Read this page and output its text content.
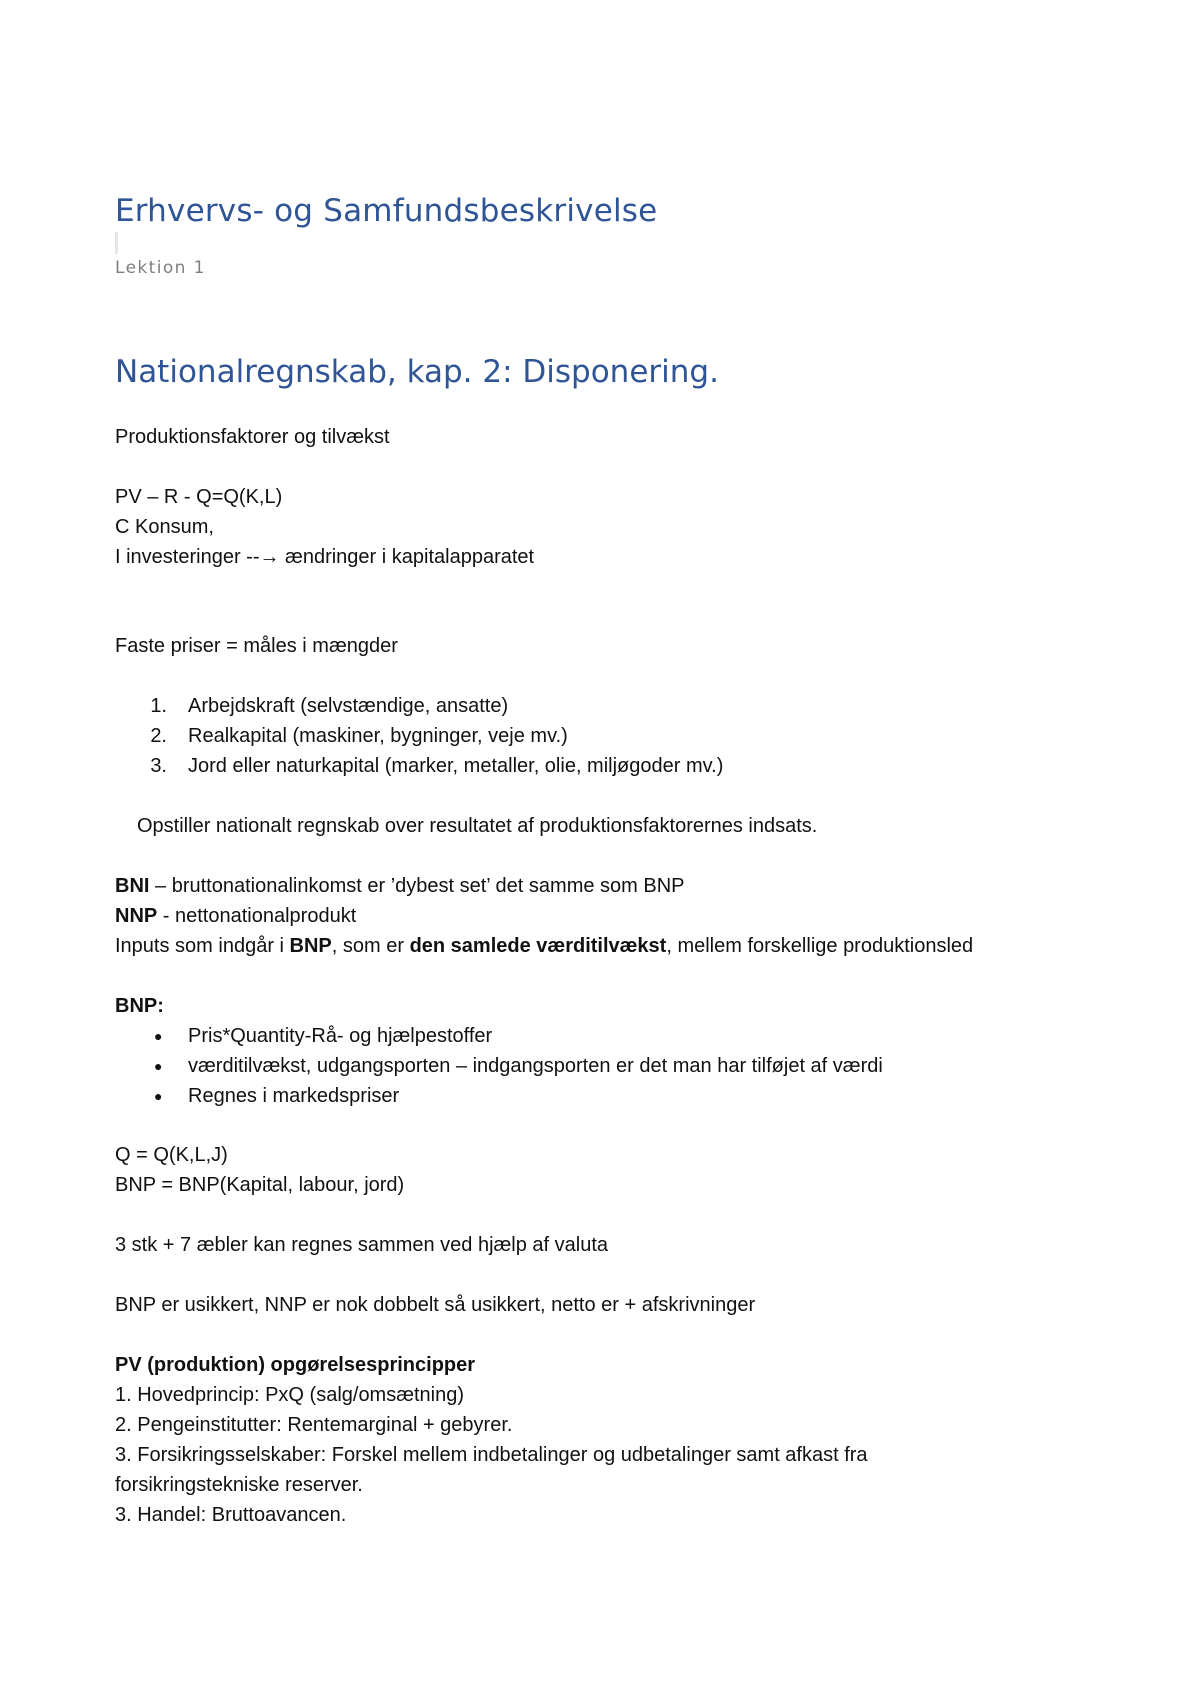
Erhvervs- og Samfundsbeskrivelse
Lektion 1
Nationalregnskab, kap. 2: Disponering.
Produktionsfaktorer og tilvækst
PV – R - Q=Q(K,L)
C Konsum,
I investeringer --→ ændringer i kapitalapparatet
Faste priser = måles i mængder
1. Arbejdskraft (selvstændige, ansatte)
2. Realkapital (maskiner, bygninger, veje mv.)
3. Jord eller naturkapital (marker, metaller, olie, miljøgoder mv.)
Opstiller nationalt regnskab over resultatet af produktionsfaktorernes indsats.
BNI – bruttonationalinkomst er ’dybest set’ det samme som BNP
NNP - nettonationalprodukt
Inputs som indgår i BNP, som er den samlede værditilvækst, mellem forskellige produktionsled
BNP:
● Pris*Quantity-Rå- og hjælpestoffer
● værditilvækst, udgangsporten – indgangsporten er det man har tilføjet af værdi
● Regnes i markedspriser
Q = Q(K,L,J)
BNP = BNP(Kapital, labour, jord)
3 stk + 7 æbler kan regnes sammen ved hjælp af valuta
BNP er usikkert, NNP er nok dobbelt så usikkert, netto er + afskrivninger
PV (produktion) opgørelsesprincipper
1. Hovedprincip: PxQ (salg/omsætning)
2. Pengeinstitutter: Rentemarginal + gebyrer.
3. Forsikringsselskaber: Forskel mellem indbetalinger og udbetalinger samt afkast fra
forsikringstekniske reserver.
3. Handel: Bruttoavancen.
